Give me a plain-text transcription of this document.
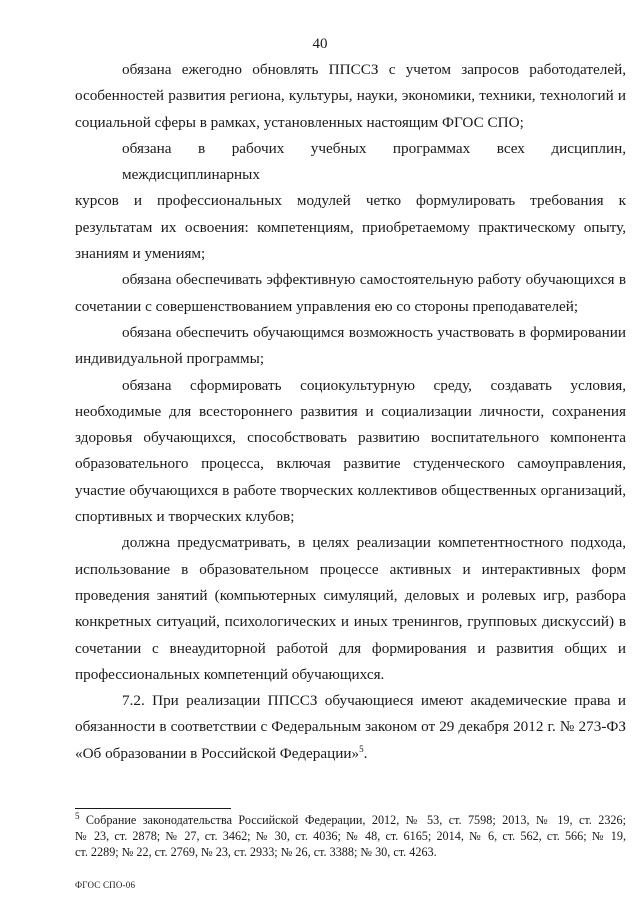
40

обязана ежегодно обновлять ППССЗ с учетом запросов работодателей,
особенностей развития региона, культуры, науки, экономики, техники, технологий и
социальной сферы в рамках, установленных настоящим ФГОС СПО;

обязана в рабочих учебных программах всех дисциплин, междисциплинарных
курсов и профессиональных модулей четко формулировать требования к
результатам их освоения: компетенциям, приобретаемому практическому опыту,
знаниям и умениям;

обязана обеспечивать эффективную самостоятельную работу обучающихся в
сочетании с совершенствованием управления ею со стороны преподавателей;

обязана обеспечить обучающимся возможность участвовать в формировании
индивидуальной программы;

обязана сформировать социокультурную среду, создавать условия,
необходимые для всестороннего развития и социализации личности, сохранения
здоровья обучающихся, способствовать развитию воспитательного компонента
образовательного процесса, включая развитие студенческого самоуправления,
участие обучающихся в работе творческих коллективов общественных организаций,
спортивных и творческих клубов;

должна предусматривать, в целях реализации компетентностного подхода,
использование в образовательном процессе активных и интерактивных форм
проведения занятий (компьютерных симуляций, деловых и ролевых игр, разбора
конкретных ситуаций, психологических и иных тренингов, групповых дискуссий) в
сочетании с внеаудиторной работой для формирования и развития общих и
профессиональных компетенций обучающихся.

7.2. При реализации ППССЗ обучающиеся имеют академические права и
обязанности в соответствии с Федеральным законом от 29 декабря 2012 г. № 273-ФЗ
«Об образовании в Российской Федерации»$^5$.

$^5$ Собрание законодательства Российской Федерации, 2012, № 53, ст. 7598; 2013, № 19, ст. 2326;
№ 23, ст. 2878; № 27, ст. 3462; № 30, ст. 4036; № 48, ст. 6165; 2014, № 6, ст. 562, ст. 566; № 19,
ст. 2289; № 22, ст. 2769, № 23, ст. 2933; № 26, ст. 3388; № 30, ст. 4263.
ФГОС СПО-06
